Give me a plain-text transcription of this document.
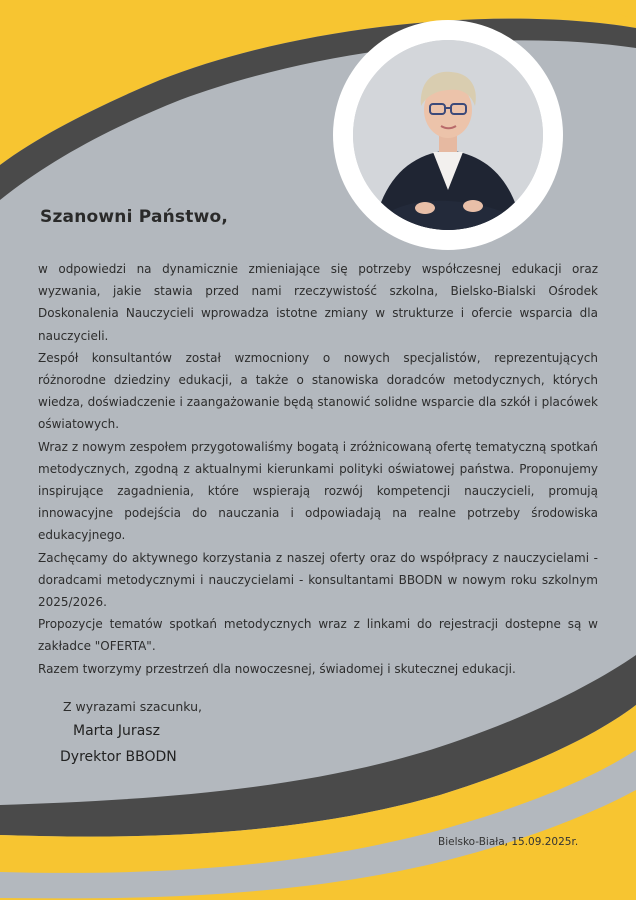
Szanowni Państwo,

w odpowiedzi na dynamicznie zmieniające się potrzeby współczesnej edukacji oraz wyzwania, jakie stawia przed nami rzeczywistość szkolna, Bielsko-Bialski Ośrodek Doskonalenia Nauczycieli wprowadza istotne zmiany w strukturze i ofercie wsparcia dla nauczycieli.

Zespół konsultantów został wzmocniony o nowych specjalistów, reprezentujących różnorodne dziedziny edukacji, a także o stanowiska doradców metodycznych, których wiedza, doświadczenie i zaangażowanie będą stanowić solidne wsparcie dla szkół i placówek oświatowych.

Wraz z nowym zespołem przygotowaliśmy bogatą i zróżnicowaną ofertę tematyczną spotkań metodycznych, zgodną z aktualnymi kierunkami polityki oświatowej państwa. Proponujemy inspirujące zagadnienia, które wspierają rozwój kompetencji nauczycieli, promują innowacyjne podejścia do nauczania i odpowiadają na realne potrzeby środowiska edukacyjnego.

Zachęcamy do aktywnego korzystania z naszej oferty oraz do współpracy z nauczycielami - doradcami metodycznymi i nauczycielami - konsultantami BBODN w nowym roku szkolnym 2025/2026.

Propozycje tematów spotkań metodycznych wraz z linkami do rejestracji dostepne są w zakładce "OFERTA".

Razem tworzymy przestrzeń dla nowoczesnej, świadomej i skutecznej edukacji.

Z wyrazami szacunku,
Marta Jurasz
Dyrektor BBODN
Bielsko-Biała, 15.09.2025r.
